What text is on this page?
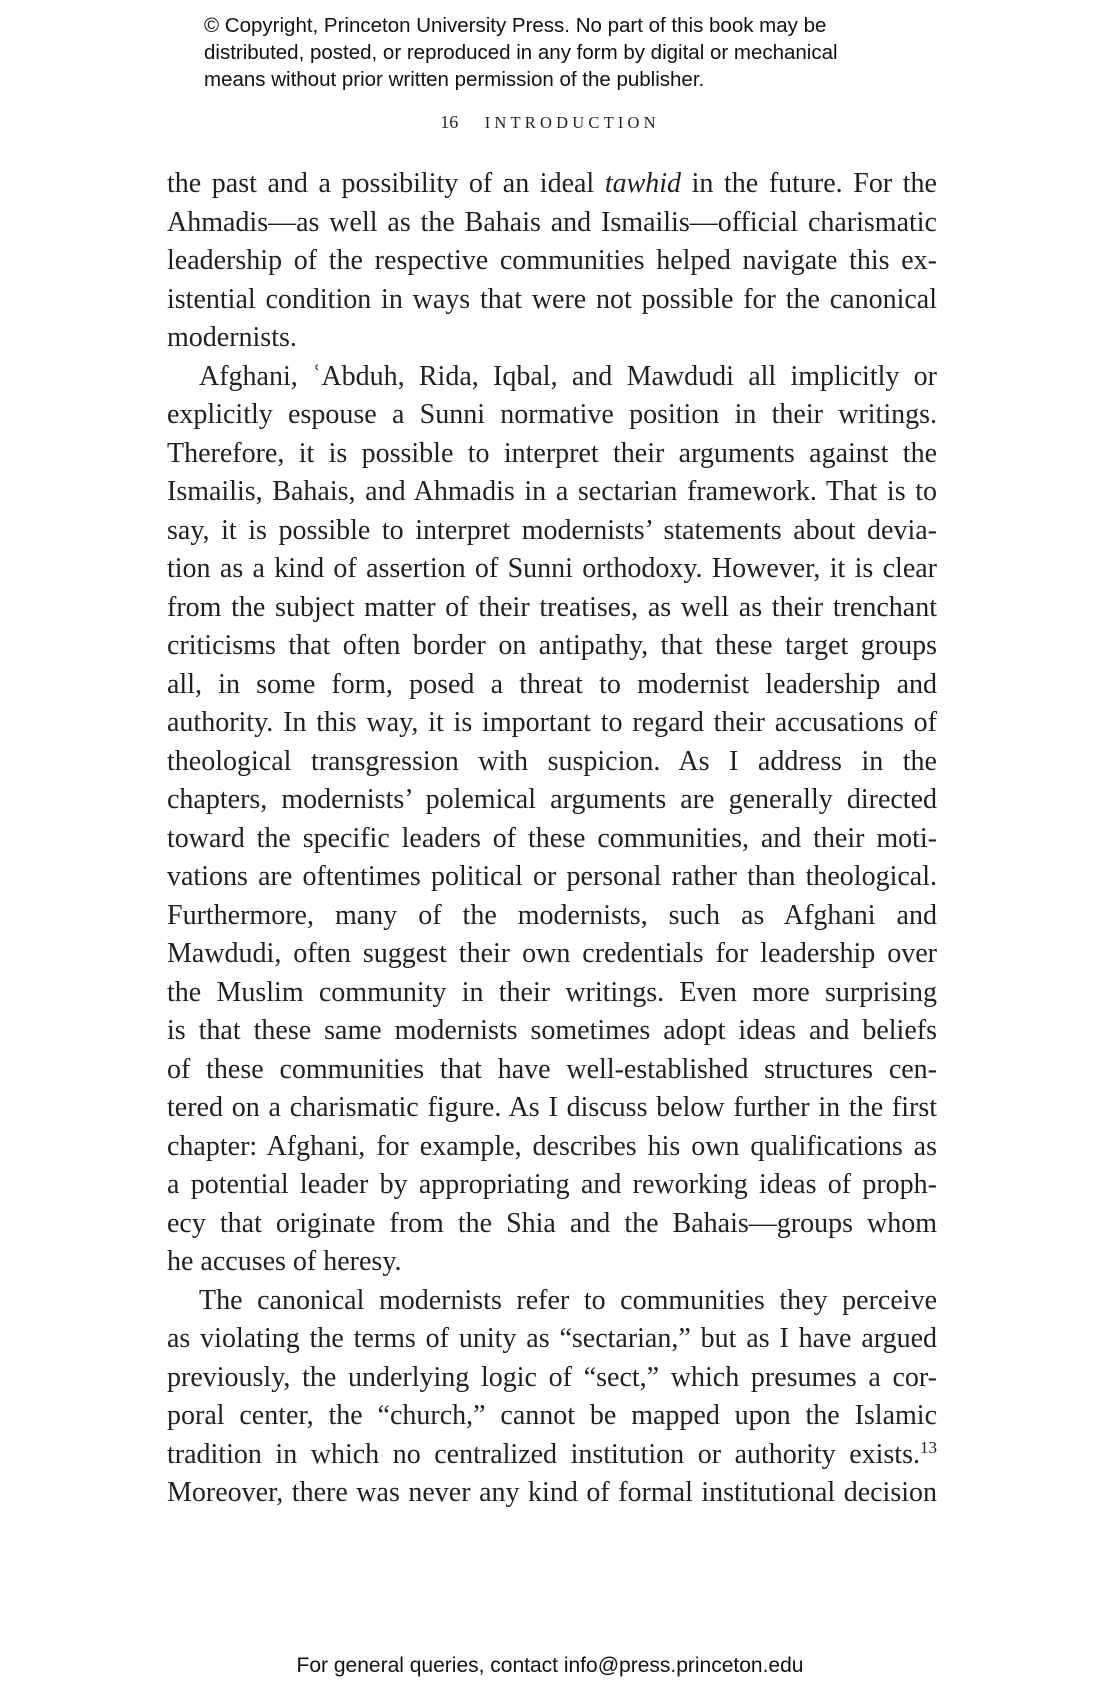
© Copyright, Princeton University Press. No part of this book may be
distributed, posted, or reproduced in any form by digital or mechanical
means without prior written permission of the publisher.
16 INTRODUCTION
the past and a possibility of an ideal tawhid in the future. For the
Ahmadis—as well as the Bahais and Ismailis—official charismatic
leadership of the respective communities helped navigate this ex-
istential condition in ways that were not possible for the canonical
modernists.
Afghani, ʿAbduh, Rida, Iqbal, and Mawdudi all implicitly or
explicitly espouse a Sunni normative position in their writings.
Therefore, it is possible to interpret their arguments against the
Ismailis, Bahais, and Ahmadis in a sectarian framework. That is to
say, it is possible to interpret modernists’ statements about devia-
tion as a kind of assertion of Sunni orthodoxy. However, it is clear
from the subject matter of their treatises, as well as their trenchant
criticisms that often border on antipathy, that these target groups
all, in some form, posed a threat to modernist leadership and
authority. In this way, it is important to regard their accusations of
theological transgression with suspicion. As I address in the
chapters, modernists’ polemical arguments are generally directed
toward the specific leaders of these communities, and their moti-
vations are oftentimes political or personal rather than theological.
Furthermore, many of the modernists, such as Afghani and
Mawdudi, often suggest their own credentials for leadership over
the Muslim community in their writings. Even more surprising
is that these same modernists sometimes adopt ideas and beliefs
of these communities that have well-established structures cen-
tered on a charismatic figure. As I discuss below further in the first
chapter: Afghani, for example, describes his own qualifications as
a potential leader by appropriating and reworking ideas of proph-
ecy that originate from the Shia and the Bahais—groups whom
he accuses of heresy.
The canonical modernists refer to communities they perceive
as violating the terms of unity as “sectarian,” but as I have argued
previously, the underlying logic of “sect,” which presumes a cor-
poral center, the “church,” cannot be mapped upon the Islamic
tradition in which no centralized institution or authority exists.$^{13}$
Moreover, there was never any kind of formal institutional decision
For general queries, contact info@press.princeton.edu
